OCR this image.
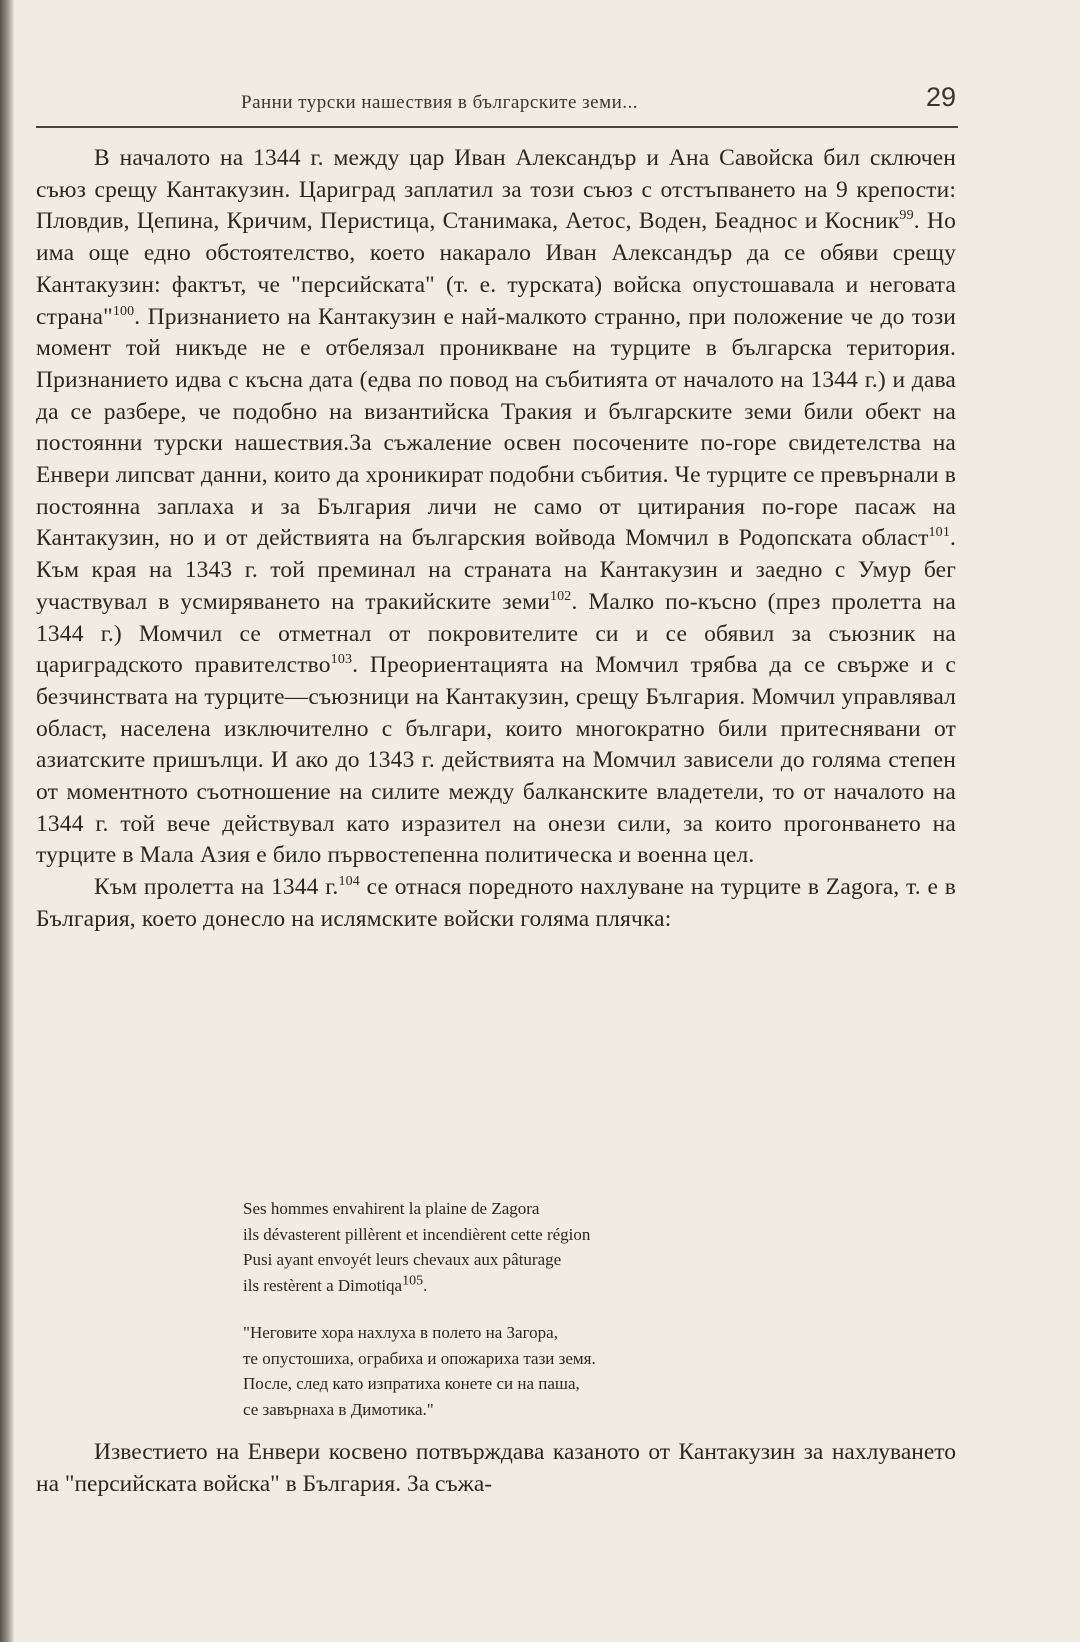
Ранни турски нашествия в българските земи...	29

В началото на 1344 г. между цар Иван Александър и Ана Савойска бил сключен съюз срещу Кантакузин. Цариград заплатил за този съюз с отстъпването на 9 крепости: Пловдив, Цепина, Кричим, Перистица, Станимака, Аетос, Воден, Беаднос и Косник$^{99}$. Но има още едно обстоятелство, което накарало Иван Александър да се обяви срещу Кантакузин: фактът, че "персийската" (т. е. турската) войска опустошавала и неговата страна"$^{100}$. Признанието на Кантакузин е най-малкото странно, при положение че до този момент той никъде не е отбелязал проникване на турците в българска територия. Признанието идва с късна дата (едва по повод на събитията от началото на 1344 г.) и дава да се разбере, че подобно на византийска Тракия и българските земи били обект на постоянни турски нашествия.За съжаление освен посочените по-горе свидетелства на Енвери липсват данни, които да хроникират подобни събития. Че турците се превърнали в постоянна заплаха и за България личи не само от цитирания по-горе пасаж на Кантакузин, но и от действията на българския войвода Момчил в Родопската област$^{101}$. Към края на 1343 г. той преминал на страната на Кантакузин и заедно с Умур бег участвувал в усмиряването на тракийските земи$^{102}$. Малко по-късно (през пролетта на 1344 г.) Момчил се отметнал от покровителите си и се обявил за съюзник на цариградското правителство$^{103}$. Преориентацията на Момчил трябва да се свърже и с безчинствата на турците—съюзници на Кантакузин, срещу България. Момчил управлявал област, населена изключително с българи, които многократно били притеснявани от азиатските пришълци. И ако до 1343 г. действията на Момчил зависели до голяма степен от моментното съотношение на силите между балканските владетели, то от началото на 1344 г. той вече действувал като изразител на онези сили, за които прогонването на турците в Мала Азия е било първостепенна политическа и военна цел.

Към пролетта на 1344 г.$^{104}$ се отнася поредното нахлуване на турците в Zagora, т. е в България, което донесло на ислямските войски голяма плячка:

Ses hommes envahirent la plaine de Zagora

ils dévasterent pillèrent et incendièrent cette région

Pusi ayant envoyét leurs chevaux aux pâturage

ils restèrent a Dimotiqa$^{105}$.

"Неговите хора нахлуха в полето на Загора,

те опустошиха, ограбиха и опожариха тази земя.

После, след като изпратиха конете си на паша,

се завърнаха в Димотика."

Известието на Енвери косвено потвърждава казаното от Кантакузин за нахлуването на "персийската войска" в България. За съжа-
